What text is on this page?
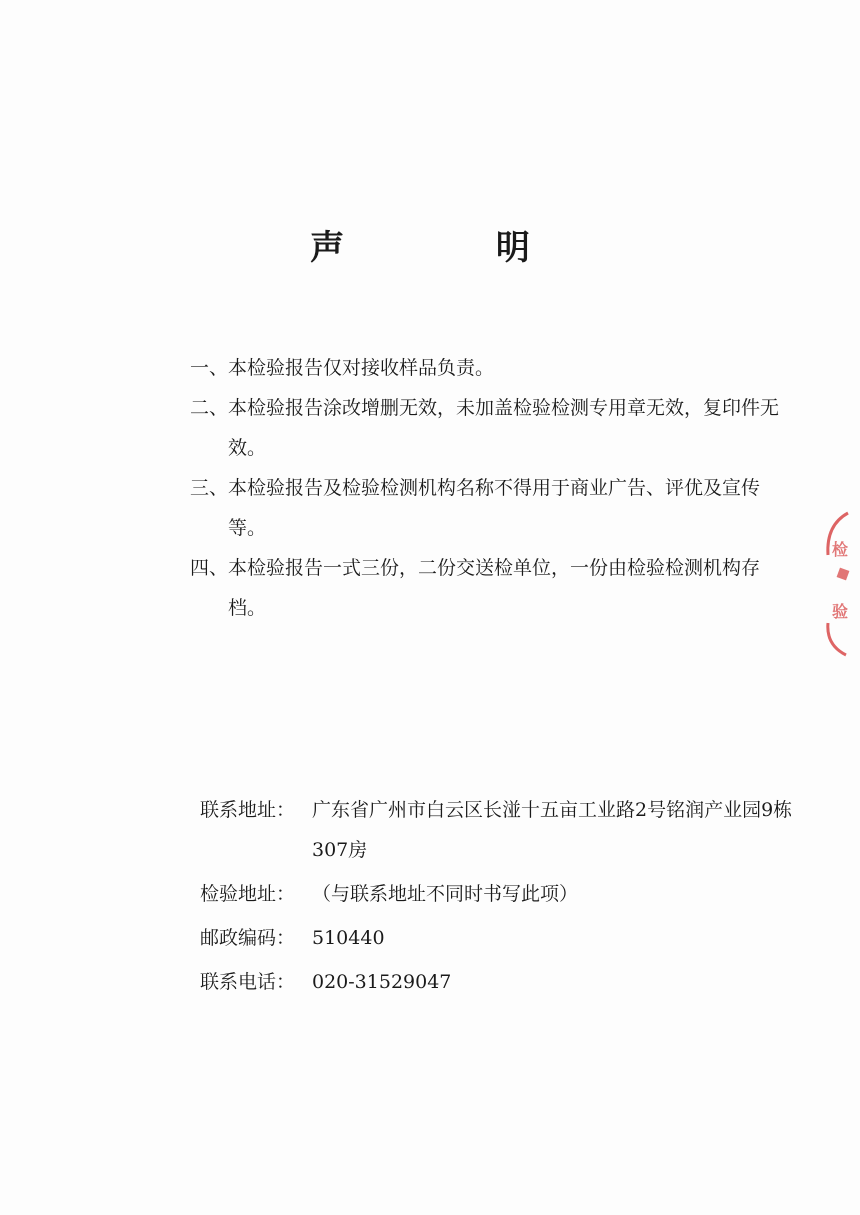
声 明
一、 本检验报告仅对接收样品负责。
二、 本检验报告涂改增删无效，未加盖检验检测专用章无效，复印件无效。
三、 本检验报告及检验检测机构名称不得用于商业广告、评优及宣传等。
四、 本检验报告一式三份，二份交送检单位，一份由检验检测机构存档。
联系地址： 广东省广州市白云区长湴十五亩工业路2号铭润产业园9栋307房
检验地址： （与联系地址不同时书写此项）
邮政编码： 510440
联系电话： 020-31529047
检
验
